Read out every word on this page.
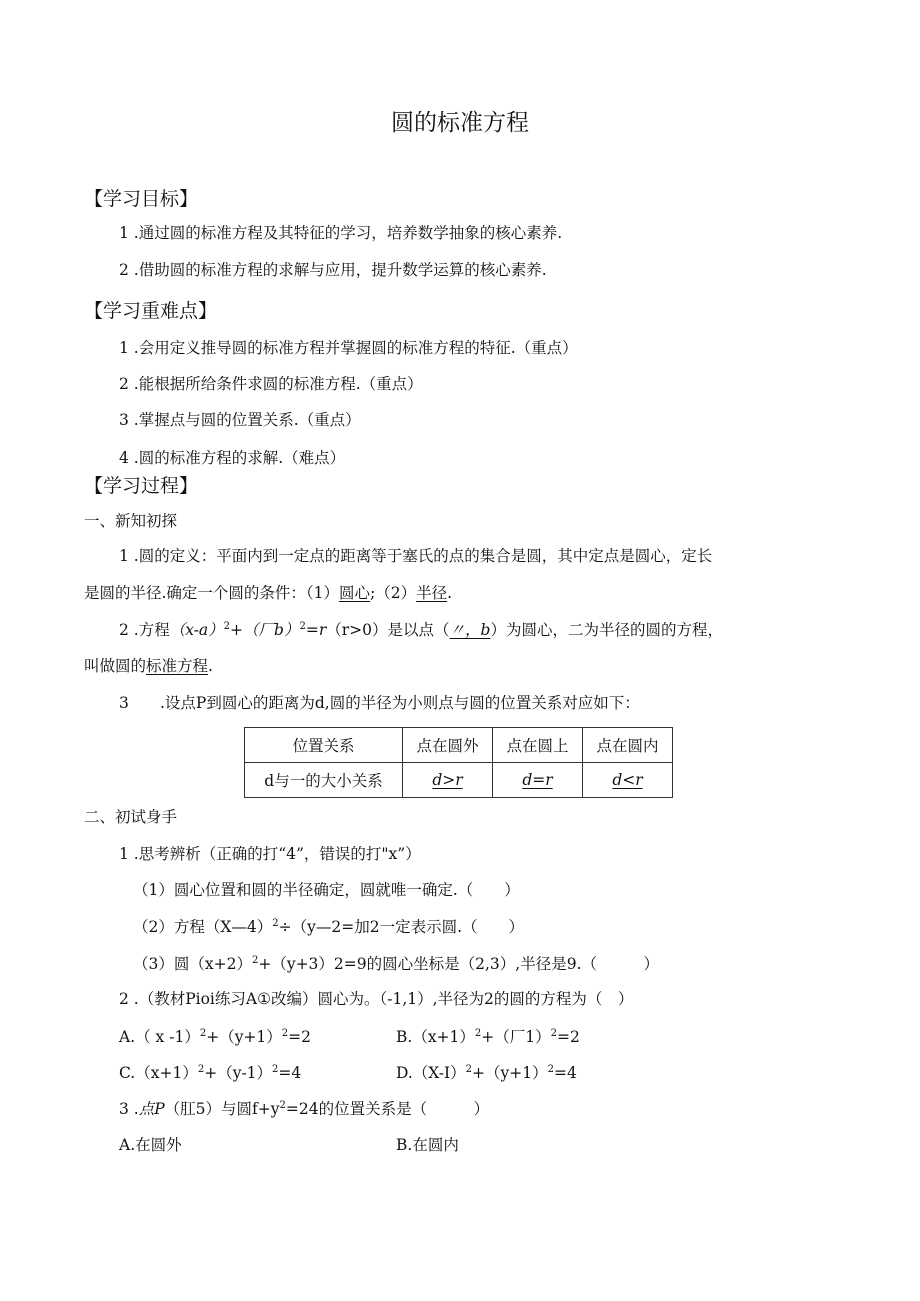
圆的标准方程
【学习目标】
1 .通过圆的标准方程及其特征的学习，培养数学抽象的核心素养.
2 .借助圆的标准方程的求解与应用，提升数学运算的核心素养.
【学习重难点】
1 .会用定义推导圆的标准方程并掌握圆的标准方程的特征.（重点）
2 .能根据所给条件求圆的标准方程.（重点）
3 .掌握点与圆的位置关系.（重点）
4 .圆的标准方程的求解.（难点）
【学习过程】
一、新知初探
1 .圆的定义：平面内到一定点的距离等于塞氏的点的集合是圆，其中定点是圆心，定长
是圆的半径.确定一个圆的条件：（1）圆心;（2）半径.
2 .方程$(x-a)^2+$（厂b）$^2$=r（r>0）是以点（〃，b）为圆心，二为半径的圆的方程，
叫做圆的标准方程.
3 .设点P到圆心的距离为d,圆的半径为小则点与圆的位置关系对应如下：
位置关系	点在圆外	点在圆上	点在圆内
d与一的大小关系	d>r	d=r	d<r
二、初试身手
1 .思考辨析（正确的打“4”，错误的打"x”）
（1）圆心位置和圆的半径确定，圆就唯一确定.（　　）
（2）方程（X—4）$^2$÷（y—2=加2一定表示圆.（　　）
（3）圆$(x+2)^2+(y+3)2=9$的圆心坐标是（2,3）,半径是9.（　　　）
2 .（教材Pioi练习A①改编）圆心为。（-1,1）,半径为2的圆的方程为（　）
A.（ x $-1)^2+(y+1)^2=2$	$B.(x+1)^2+$（厂1）$^2$=2
$C.(x+1)^2+(y-1)^2=4$	$D.(X-I)^2+(y+1)^2=4$
3 .点P（肛5）与圆$f+y^2=24$的位置关系是（　　　）
A.在圆外	B.在圆内
